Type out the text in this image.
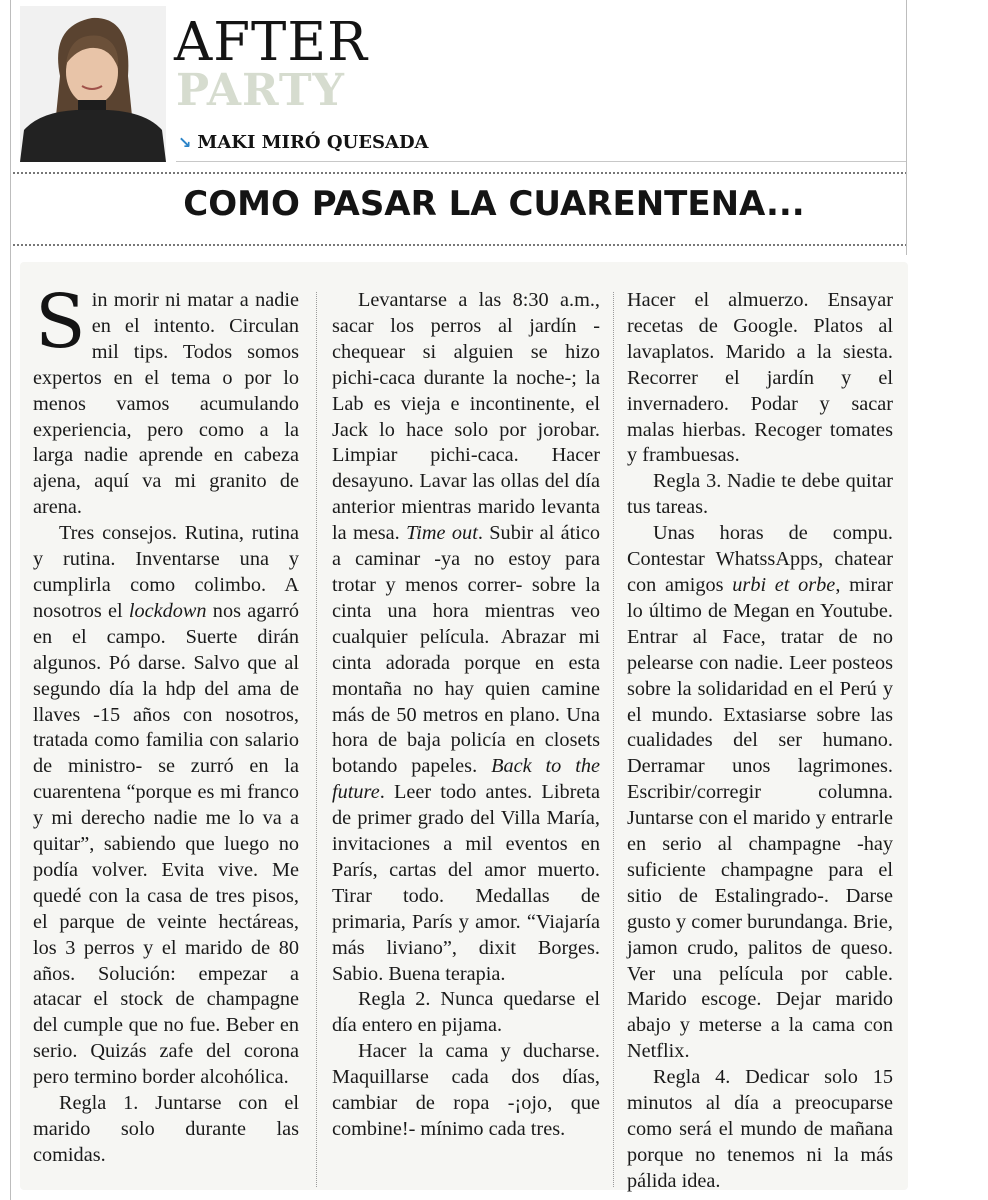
AFTER
PARTY
↘ MAKI MIRÓ QUESADA
COMO PASAR LA CUARENTENA...

Sin morir ni matar a nadie en el intento. Circulan mil tips. Todos somos expertos en el tema o por lo menos vamos acumulando experiencia, pero como a la larga nadie aprende en cabeza ajena, aquí va mi granito de arena.

Tres consejos. Rutina, rutina y rutina. Inventarse una y cumplirla como colimbo. A nosotros el lockdown nos agarró en el campo. Suerte dirán algunos. Pó darse. Salvo que al segundo día la hdp del ama de llaves -15 años con nosotros, tratada como familia con salario de ministro- se zurró en la cuarentena “porque es mi franco y mi derecho nadie me lo va a quitar”, sabiendo que luego no podía volver. Evita vive. Me quedé con la casa de tres pisos, el parque de veinte hectáreas, los 3 perros y el marido de 80 años. Solución: empezar a atacar el stock de champagne del cumple que no fue. Beber en serio. Quizás zafe del corona pero termino border alcohólica.

Regla 1. Juntarse con el marido solo durante las comidas.

Levantarse a las 8:30 a.m., sacar los perros al jardín -chequear si alguien se hizo pichi-caca durante la noche-; la Lab es vieja e incontinente, el Jack lo hace solo por jorobar. Limpiar pichi-caca. Hacer desayuno. Lavar las ollas del día anterior mientras marido levanta la mesa. Time out. Subir al ático a caminar -ya no estoy para trotar y menos correr- sobre la cinta una hora mientras veo cualquier película. Abrazar mi cinta adorada porque en esta montaña no hay quien camine más de 50 metros en plano. Una hora de baja policía en closets botando papeles. Back to the future. Leer todo antes. Libreta de primer grado del Villa María, invitaciones a mil eventos en París, cartas del amor muerto. Tirar todo. Medallas de primaria, París y amor. “Viajaría más liviano”, dixit Borges. Sabio. Buena terapia.

Regla 2. Nunca quedarse el día entero en pijama.

Hacer la cama y ducharse. Maquillarse cada dos días, cambiar de ropa -¡ojo, que combine!- mínimo cada tres.

Hacer el almuerzo. Ensayar recetas de Google. Platos al lavaplatos. Marido a la siesta. Recorrer el jardín y el invernadero. Podar y sacar malas hierbas. Recoger tomates y frambuesas.

Regla 3. Nadie te debe quitar tus tareas.

Unas horas de compu. Contestar WhatssApps, chatear con amigos urbi et orbe, mirar lo último de Megan en Youtube. Entrar al Face, tratar de no pelearse con nadie. Leer posteos sobre la solidaridad en el Perú y el mundo. Extasiarse sobre las cualidades del ser humano. Derramar unos lagrimones. Escribir/corregir columna. Juntarse con el marido y entrarle en serio al champagne -hay suficiente champagne para el sitio de Estalingrado-. Darse gusto y comer burundanga. Brie, jamon crudo, palitos de queso. Ver una película por cable. Marido escoge. Dejar marido abajo y meterse a la cama con Netflix.

Regla 4. Dedicar solo 15 minutos al día a preocuparse como será el mundo de mañana porque no tenemos ni la más pálida idea.
